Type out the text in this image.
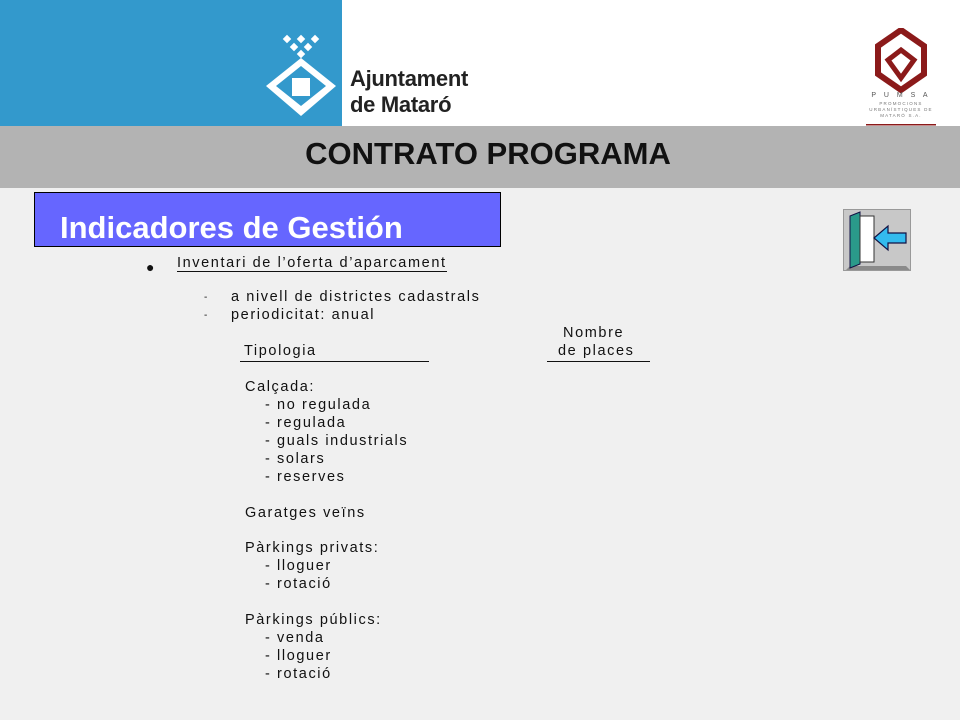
Ajuntament
de Mataró	P U M S A
PROMOCIONS URBANÍSTIQUES DE MATARÓ S.A.
CONTRATO PROGRAMA
Indicadores de Gestión
● Inventari de l’oferta d’aparcament
- a nivell de districtes cadastrals
- periodicitat: anual
Nombre
Tipologia	de places
Calçada:
- no regulada
- regulada
- guals industrials
- solars
- reserves
Garatges veïns
Pàrkings privats:
- lloguer
- rotació
Pàrkings públics:
- venda
- lloguer
- rotació
